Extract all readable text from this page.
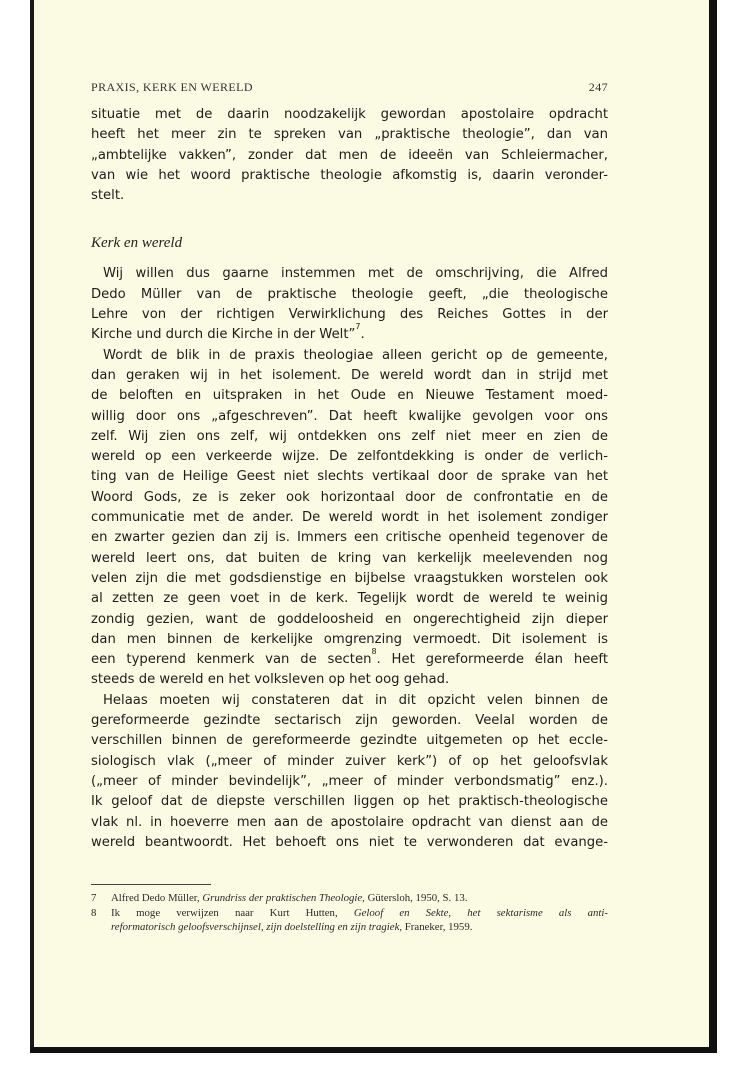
PRAXIS, KERK EN WERELD	247
situatie met de daarin noodzakelijk gewordan apostolaire opdracht
heeft het meer zin te spreken van „praktische theologie”, dan van
„ambtelijke vakken”, zonder dat men de ideeën van Schleiermacher,
van wie het woord praktische theologie afkomstig is, daarin veronder-
stelt.
Kerk en wereld
Wij willen dus gaarne instemmen met de omschrijving, die Alfred
Dedo Müller van de praktische theologie geeft, „die theologische
Lehre von der richtigen Verwirklichung des Reiches Gottes in der
Kirche und durch die Kirche in der Welt”$^7$.
Wordt de blik in de praxis theologiae alleen gericht op de gemeente,
dan geraken wij in het isolement. De wereld wordt dan in strijd met
de beloften en uitspraken in het Oude en Nieuwe Testament moed-
willig door ons „afgeschreven”. Dat heeft kwalijke gevolgen voor ons
zelf. Wij zien ons zelf, wij ontdekken ons zelf niet meer en zien de
wereld op een verkeerde wijze. De zelfontdekking is onder de verlich-
ting van de Heilige Geest niet slechts vertikaal door de sprake van het
Woord Gods, ze is zeker ook horizontaal door de confrontatie en de
communicatie met de ander. De wereld wordt in het isolement zondiger
en zwarter gezien dan zij is. Immers een critische openheid tegenover de
wereld leert ons, dat buiten de kring van kerkelijk meelevenden nog
velen zijn die met godsdienstige en bijbelse vraagstukken worstelen ook
al zetten ze geen voet in de kerk. Tegelijk wordt de wereld te weinig
zondig gezien, want de goddeloosheid en ongerechtigheid zijn dieper
dan men binnen de kerkelijke omgrenzing vermoedt. Dit isolement is
een typerend kenmerk van de secten$^8$. Het gereformeerde élan heeft
steeds de wereld en het volksleven op het oog gehad.
Helaas moeten wij constateren dat in dit opzicht velen binnen de
gereformeerde gezindte sectarisch zijn geworden. Veelal worden de
verschillen binnen de gereformeerde gezindte uitgemeten op het eccle-
siologisch vlak („meer of minder zuiver kerk”) of op het geloofsvlak
(„meer of minder bevindelijk”, „meer of minder verbondsmatig” enz.).
Ik geloof dat de diepste verschillen liggen op het praktisch-theologische
vlak nl. in hoeverre men aan de apostolaire opdracht van dienst aan de
wereld beantwoordt. Het behoeft ons niet te verwonderen dat evange-
7 Alfred Dedo Müller, Grundriss der praktischen Theologie, Gütersloh, 1950, S. 13.
8 Ik moge verwijzen naar Kurt Hutten, Geloof en Sekte, het sektarisme als anti-
reformatorisch geloofsverschijnsel, zijn doelstelling en zijn tragiek, Franeker, 1959.
